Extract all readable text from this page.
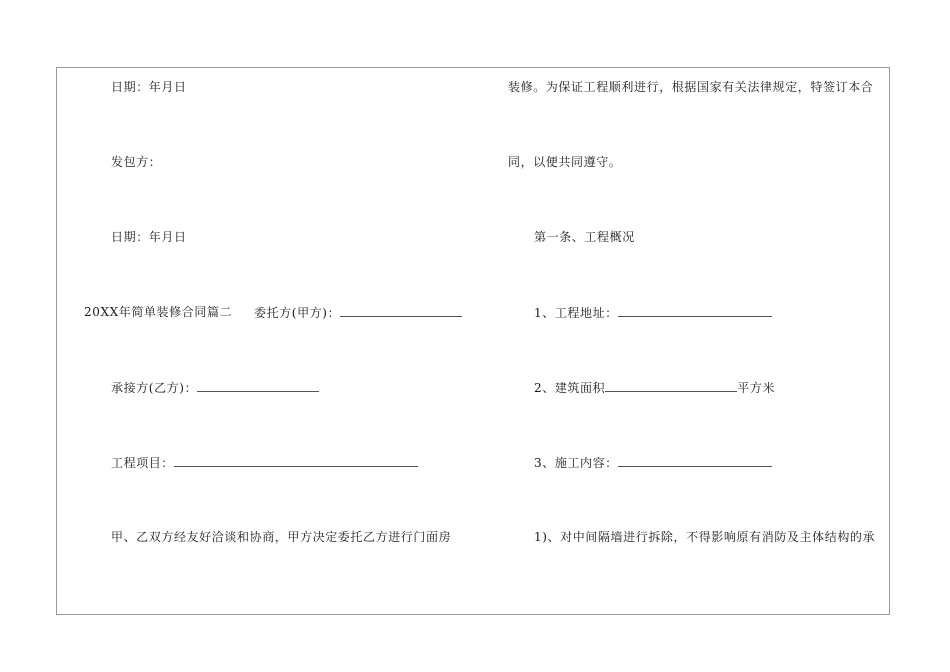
日期：年月日
发包方：
日期：年月日
20XX年简单装修合同篇二 委托方(甲方)：
承接方(乙方)：
工程项目：
甲、乙双方经友好洽谈和协商，甲方决定委托乙方进行门面房
装修。为保证工程顺利进行，根据国家有关法律规定，特签订本合
同，以便共同遵守。
第一条、工程概况
1、工程地址：
2、建筑面积	平方米
3、施工内容：
1)、对中间隔墙进行拆除，不得影响原有消防及主体结构的承
